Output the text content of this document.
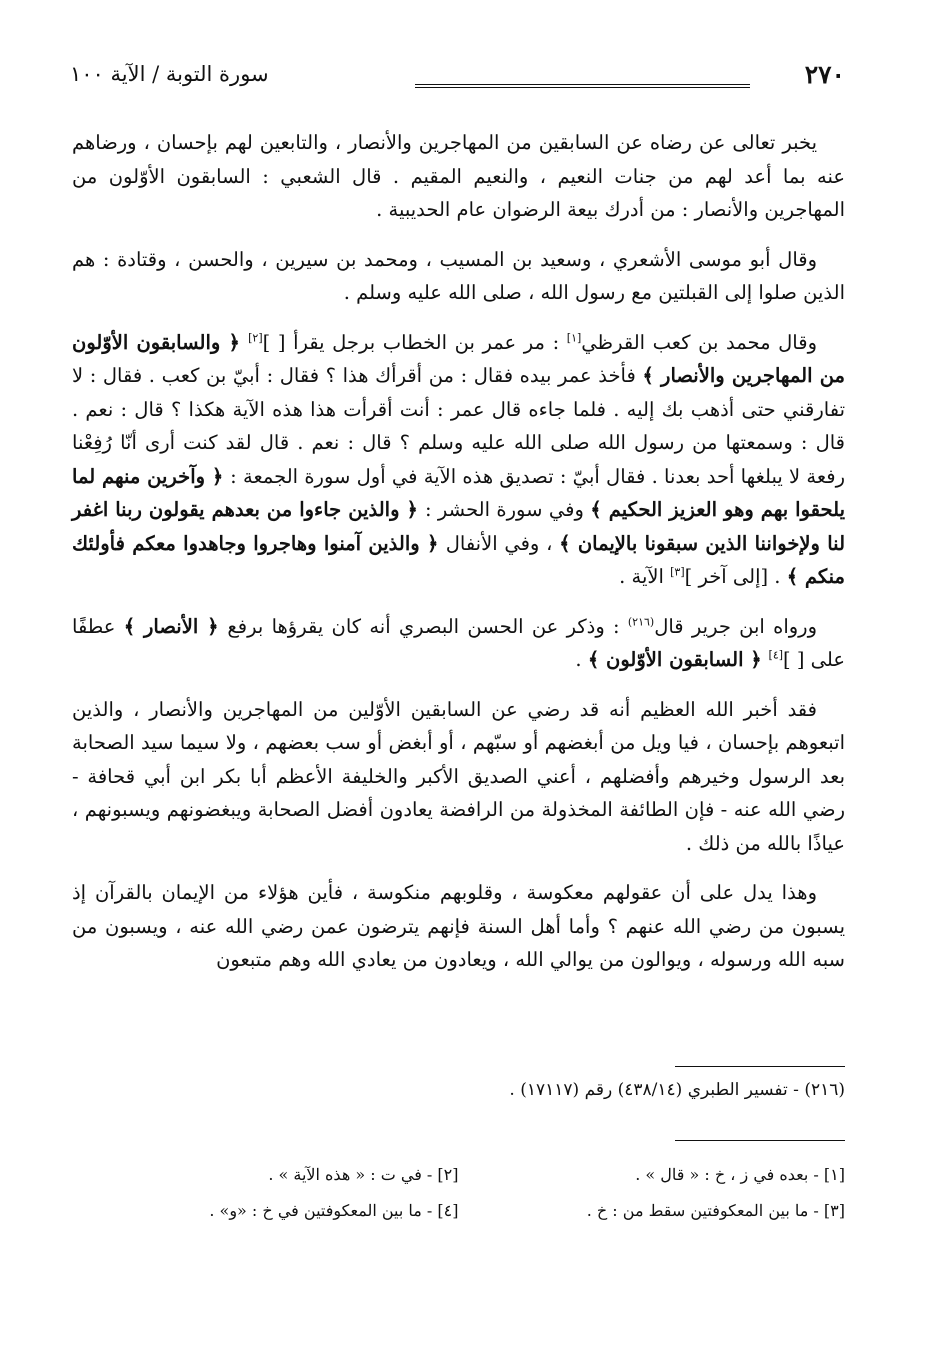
٢٧٠
سورة التوبة / الآية ١٠٠

يخبر تعالى عن رضاه عن السابقين من المهاجرين والأنصار ، والتابعين لهم بإحسان ، ورضاهم عنه بما أعد لهم من جنات النعيم ، والنعيم المقيم . قال الشعبي : السابقون الأوّلون من المهاجرين والأنصار : من أدرك بيعة الرضوان عام الحديبية .

وقال أبو موسى الأشعري ، وسعيد بن المسيب ، ومحمد بن سيرين ، والحسن ، وقتادة : هم الذين صلوا إلى القبلتين مع رسول الله ، صلى الله عليه وسلم .

وقال محمد بن كعب القرظي[١] : مر عمر بن الخطاب برجل يقرأ [ ][٢] ﴿ والسابقون الأوّلون من المهاجرين والأنصار ﴾ فأخذ عمر بيده فقال : من أقرأك هذا ؟ فقال : أبيّ بن كعب . فقال : لا تفارقني حتى أذهب بك إليه . فلما جاءه قال عمر : أنت أقرأت هذا هذه الآية هكذا ؟ قال : نعم . قال : وسمعتها من رسول الله صلى الله عليه وسلم ؟ قال : نعم . قال لقد كنت أرى أنّا رُفِعْنا رفعة لا يبلغها أحد بعدنا . فقال أبيّ : تصديق هذه الآية في أول سورة الجمعة : ﴿ وآخرين منهم لما يلحقوا بهم وهو العزيز الحكيم ﴾ وفي سورة الحشر : ﴿ والذين جاءوا من بعدهم يقولون ربنا اغفر لنا ولإخواننا الذين سبقونا بالإيمان ﴾ ، وفي الأنفال ﴿ والذين آمنوا وهاجروا وجاهدوا معكم فأولئك منكم ﴾ . [إلى آخر ][٣] الآية .

ورواه ابن جرير قال$^{(٢١٦)}$ : وذكر عن الحسن البصري أنه كان يقرؤها برفع ﴿ الأنصار ﴾ عطفًا على [ ][٤] ﴿ السابقون الأوّلون ﴾ .

فقد أخبر الله العظيم أنه قد رضي عن السابقين الأوّلين من المهاجرين والأنصار ، والذين اتبعوهم بإحسان ، فيا ويل من أبغضهم أو سبّهم ، أو أبغض أو سب بعضهم ، ولا سيما سيد الصحابة بعد الرسول وخيرهم وأفضلهم ، أعني الصديق الأكبر والخليفة الأعظم أبا بكر ابن أبي قحافة - رضي الله عنه - فإن الطائفة المخذولة من الرافضة يعادون أفضل الصحابة ويبغضونهم ويسبونهم ، عياذًا بالله من ذلك .

وهذا يدل على أن عقولهم معكوسة ، وقلوبهم منكوسة ، فأين هؤلاء من الإيمان بالقرآن إذ يسبون من رضي الله عنهم ؟ وأما أهل السنة فإنهم يترضون عمن رضي الله عنه ، ويسبون من سبه الله ورسوله ، ويوالون من يوالي الله ، ويعادون من يعادي الله وهم متبعون

(٢١٦) - تفسير الطبري (٤٣٨/١٤) رقم (١٧١١٧) .
[١] - بعده في ز ، خ : « قال » .
[٢] - في ت : « هذه الآية » .
[٣] - ما بين المعكوفتين سقط من : خ .
[٤] - ما بين المعكوفتين في خ : «و» .
